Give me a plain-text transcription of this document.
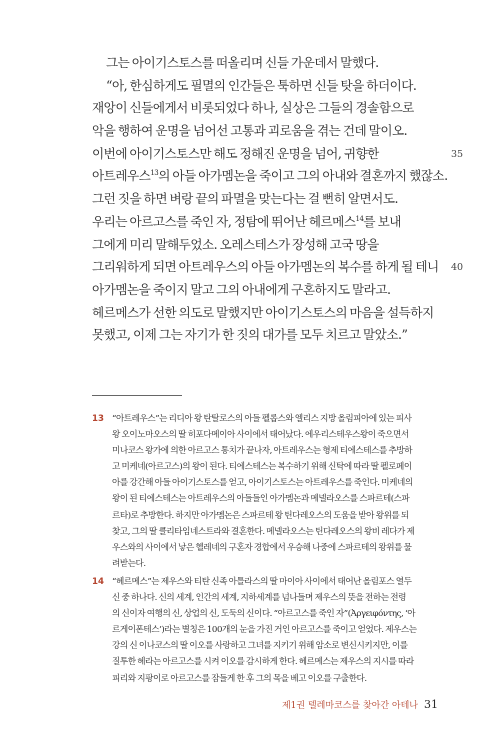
그는 아이기스토스를 떠올리며 신들 가운데서 말했다.
“아, 한심하게도 필멸의 인간들은 툭하면 신들 탓을 하더이다.
재앙이 신들에게서 비롯되었다 하나, 실상은 그들의 경솔함으로
악을 행하여 운명을 넘어선 고통과 괴로움을 겪는 건데 말이오.
이번에 아이기스토스만 해도 정해진 운명을 넘어, 귀향한
아트레우스$^{13}$의 아들 아가멤논을 죽이고 그의 아내와 결혼까지 했잖소.
그런 짓을 하면 벼랑 끝의 파멸을 맞는다는 걸 뻔히 알면서도.
우리는 아르고스를 죽인 자, 정탐에 뛰어난 헤르메스$^{14}$를 보내
그에게 미리 말해두었소. 오레스테스가 장성해 고국 땅을
그리워하게 되면 아트레우스의 아들 아가멤논의 복수를 하게 될 테니
아가멤논을 죽이지 말고 그의 아내에게 구혼하지도 말라고.
헤르메스가 선한 의도로 말했지만 아이기스토스의 마음을 설득하지
못했고, 이제 그는 자기가 한 짓의 대가를 모두 치르고 말았소.”
35
40
13 “아트레우스”는 리디아 왕 탄탈로스의 아들 펠롭스와 엘리스 지방 올림피아에 있는 피사
왕 오이노마오스의 딸 히포다메이아 사이에서 태어났다. 에우리스테우스왕이 죽으면서
미나코스 왕가에 의한 아르고스 통치가 끝나자, 아트레우스는 형제 티에스테스를 추방하
고 미케네(아르고스)의 왕이 된다. 티에스테스는 복수하기 위해 신탁에 따라 딸 펠로페이
아를 강간해 아들 아이기스토스를 얻고, 아이기스토스는 아트레우스를 죽인다. 미케네의
왕이 된 티에스테스는 아트레우스의 아들들인 아가멤논과 메넬라오스를 스파르테(스파
르타)로 추방한다. 하지만 아가멤논은 스파르테 왕 틴다레오스의 도움을 받아 왕위를 되
찾고, 그의 딸 클리타임네스트라와 결혼한다. 메넬라오스는 틴다레오스의 왕비 레다가 제
우스와의 사이에서 낳은 헬레네의 구혼자 경합에서 우승해 나중에 스파르테의 왕위를 물
려받는다.
14 “헤르메스”는 제우스와 티탄 신족 아틀라스의 딸 마이아 사이에서 태어난 올림포스 열두
신 중 하나다. 신의 세계, 인간의 세계, 지하세계를 넘나들며 제우스의 뜻을 전하는 전령
의 신이자 여행의 신, 상업의 신, 도둑의 신이다. “아르고스를 죽인 자”(Ἀργειφόντης, ‘아
르게이폰테스’)라는 별칭은 100개의 눈을 가진 거인 아르고스를 죽이고 얻었다. 제우스는
강의 신 이나코스의 딸 이오를 사랑하고 그녀를 지키기 위해 암소로 변신시키지만, 이를
질투한 헤라는 아르고스를 시켜 이오를 감시하게 한다. 헤르메스는 제우스의 지시를 따라
피리와 지팡이로 아르고스를 잠들게 한 후 그의 목을 베고 이오를 구출한다.
제1권 텔레마코스를 찾아간 아테나 31
